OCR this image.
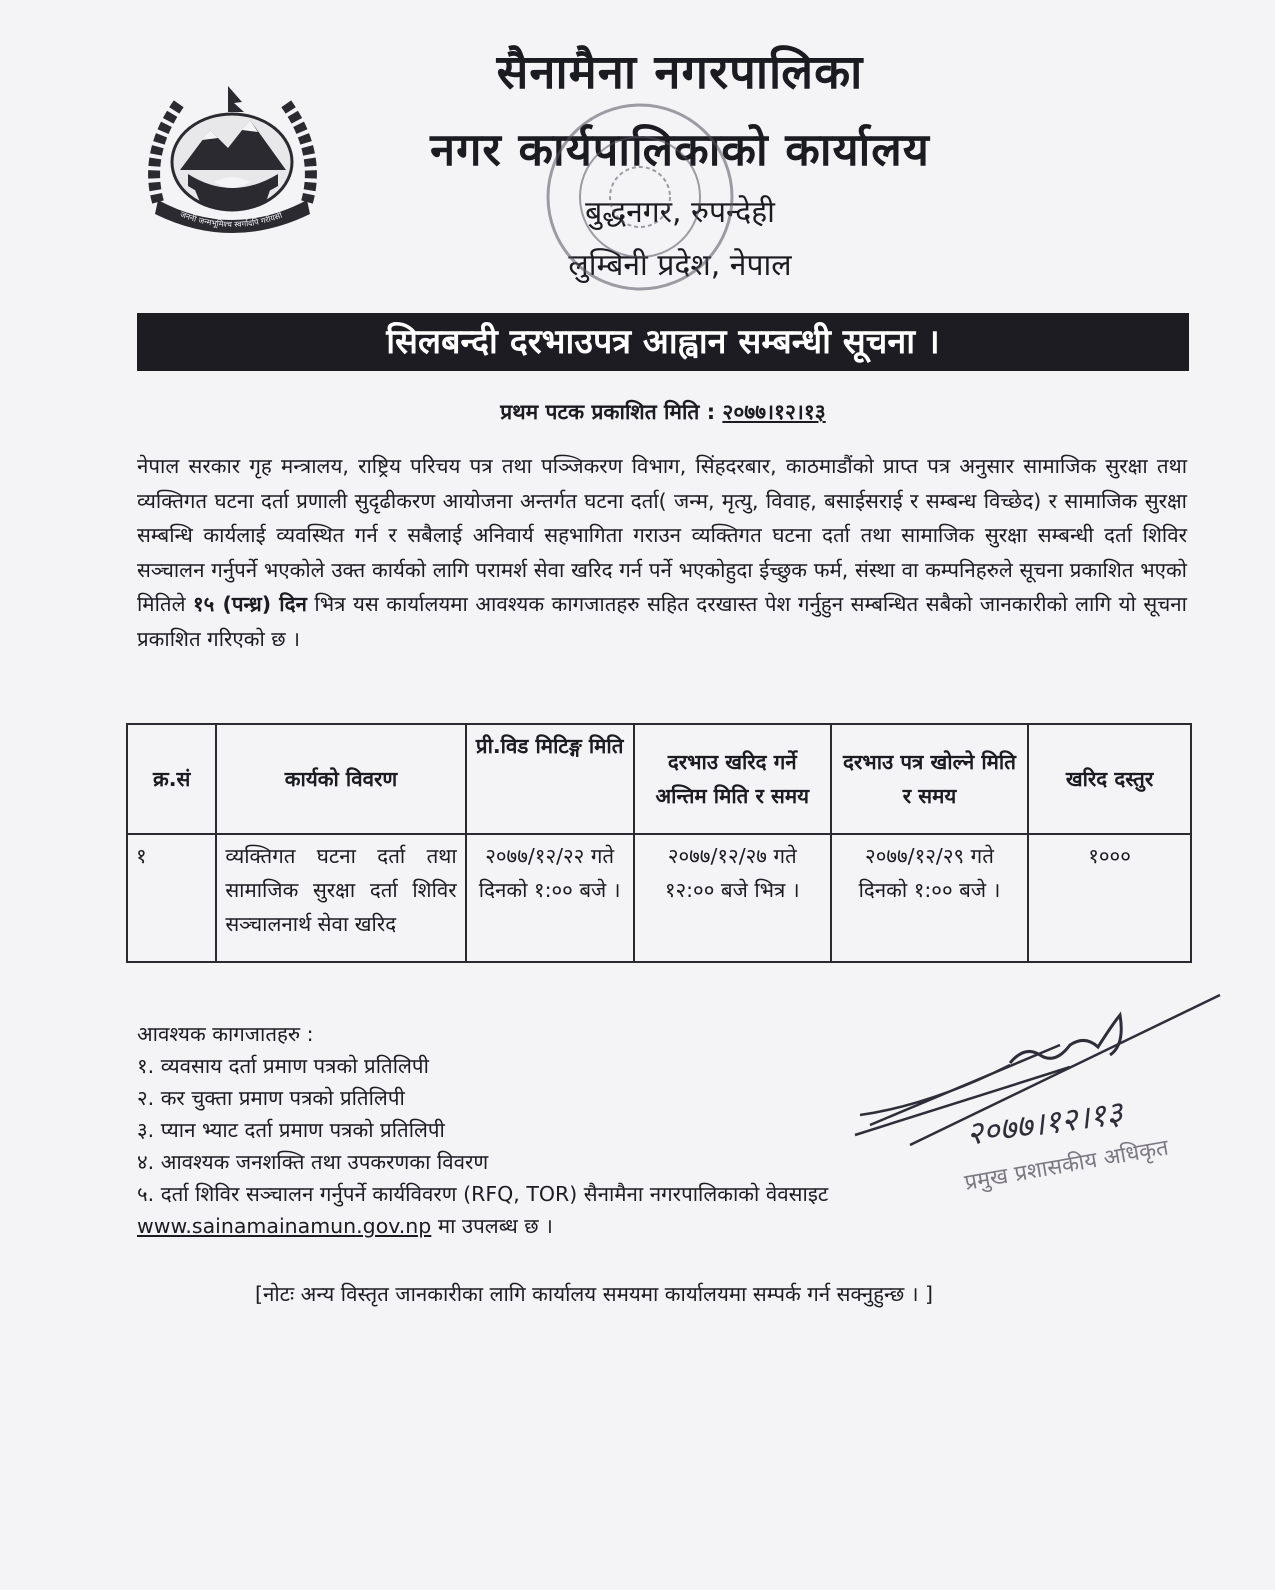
जननी जन्मभूमिश्च स्वर्गादपि गरीयसी
सैनामैना नगरपालिका
नगर कार्यपालिकाको कार्यालय
बुद्धनगर, रुपन्देही
लुम्बिनी प्रदेश, नेपाल
सिलबन्दी दरभाउपत्र आह्वान सम्बन्धी सूचना ।
प्रथम पटक प्रकाशित मिति : २०७७।१२।१३
नेपाल सरकार गृह मन्त्रालय, राष्ट्रिय परिचय पत्र तथा पञ्जिकरण विभाग, सिंहदरबार, काठमाडौंको प्राप्त पत्र अनुसार सामाजिक सुरक्षा तथा व्यक्तिगत घटना दर्ता प्रणाली सुदृढीकरण आयोजना अन्तर्गत घटना दर्ता( जन्म, मृत्यु, विवाह, बसाईसराई र सम्बन्ध विच्छेद) र सामाजिक सुरक्षा सम्बन्धि कार्यलाई व्यवस्थित गर्न र सबैलाई अनिवार्य सहभागिता गराउन व्यक्तिगत घटना दर्ता तथा सामाजिक सुरक्षा सम्बन्धी दर्ता शिविर सञ्चालन गर्नुपर्ने भएकोले उक्त कार्यको लागि परामर्श सेवा खरिद गर्न पर्ने भएकोहुदा ईच्छुक फर्म, संस्था वा कम्पनिहरुले सूचना प्रकाशित भएको मितिले १५ (पन्ध्र) दिन भित्र यस कार्यालयमा आवश्यक कागजातहरु सहित दरखास्त पेश गर्नुहुन सम्बन्धित सबैको जानकारीको लागि यो सूचना प्रकाशित गरिएको छ ।
क्र.सं	कार्यको विवरण	प्री.विड मिटिङ्ग मिति	दरभाउ खरिद गर्ने अन्तिम मिति र समय	दरभाउ पत्र खोल्ने मिति र समय	खरिद दस्तुर
१	व्यक्तिगत घटना दर्ता तथा सामाजिक सुरक्षा दर्ता शिविर सञ्चालनार्थ सेवा खरिद	२०७७/१२/२२ गते दिनको १:०० बजे ।	२०७७/१२/२७ गते १२:०० बजे भित्र ।	२०७७/१२/२९ गते दिनको १:०० बजे ।	१०००
आवश्यक कागजातहरु :
१. व्यवसाय दर्ता प्रमाण पत्रको प्रतिलिपी
२. कर चुक्ता प्रमाण पत्रको प्रतिलिपी
३. प्यान भ्याट दर्ता प्रमाण पत्रको प्रतिलिपी
४. आवश्यक जनशक्ति तथा उपकरणका विवरण
५. दर्ता शिविर सञ्चालन गर्नुपर्ने कार्यविवरण (RFQ, TOR) सैनामैना नगरपालिकाको वेवसाइट
www.sainamainamun.gov.np मा उपलब्ध छ ।
[नोटः अन्य विस्तृत जानकारीका लागि कार्यालय समयमा कार्यालयमा सम्पर्क गर्न सक्नुहुन्छ । ]
२०७७।१२।१३
प्रमुख प्रशासकीय अधिकृत
